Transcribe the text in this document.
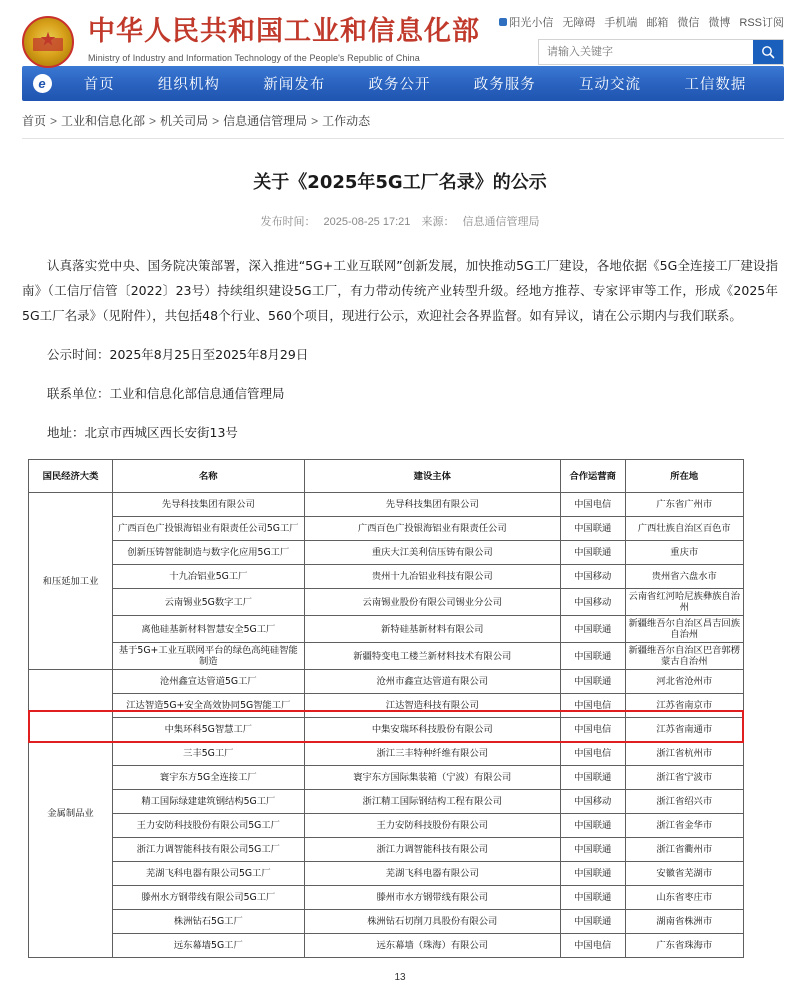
★ 中华人民共和国工业和信息化部
Ministry of Industry and Information Technology of the People's Republic of China
阳光小信 无障碍 手机端 邮箱 微信 微博 RSS订阅
请输入关键字
e	首页	组织机构	新闻发布	政务公开	政务服务	互动交流	工信数据
首页 > 工业和信息化部 > 机关司局 > 信息通信管理局 > 工作动态
关于《2025年5G工厂名录》的公示
发布时间： 2025-08-25 17:21 来源： 信息通信管理局

认真落实党中央、国务院决策部署，深入推进“5G+工业互联网”创新发展，加快推动5G工厂建设，各地依据《5G全连接工厂建设指南》（工信厅信管〔2022〕23号）持续组织建设5G工厂，有力带动传统产业转型升级。经地方推荐、专家评审等工作，形成《2025年5G工厂名录》（见附件），共包括48个行业、560个项目，现进行公示，欢迎社会各界监督。如有异议，请在公示期内与我们联系。

公示时间：2025年8月25日至2025年8月29日

联系单位：工业和信息化部信息通信管理局

地址：北京市西城区西长安街13号

国民经济大类	名称	建设主体	合作运营商	所在地
和压延加工业	先导科技集团有限公司	先导科技集团有限公司	中国电信	广东省广州市
	广西百色广投银海铝业有限责任公司5G工厂	广西百色广投银海铝业有限责任公司	中国联通	广西壮族自治区百色市
	创新压铸智能制造与数字化应用5G工厂	重庆大江美利信压铸有限公司	中国联通	重庆市
	十九冶铝业5G工厂	贵州十九冶铝业科技有限公司	中国移动	贵州省六盘水市
	云南锡业5G数字工厂	云南锡业股份有限公司锡业分公司	中国移动	云南省红河哈尼族彝族自治州
	离他硅基新材料智慧安全5G工厂	新特硅基新材料有限公司	中国联通	新疆维吾尔自治区昌吉回族自治州
	基于5G+工业互联网平台的绿色高纯硅智能制造	新疆特变电工楼兰新材料技术有限公司	中国联通	新疆维吾尔自治区巴音郭楞蒙古自治州
金属制品业	沧州鑫宣达管道5G工厂	沧州市鑫宣达管道有限公司	中国联通	河北省沧州市
	江达智造5G+安全高效协同5G智能工厂	江达智造科技有限公司	中国电信	江苏省南京市
	中集环科5G智慧工厂	中集安瑞环科技股份有限公司	中国电信	江苏省南通市
	三丰5G工厂	浙江三丰特种纤维有限公司	中国电信	浙江省杭州市
	寰宇东方5G全连接工厂	寰宇东方国际集装箱（宁波）有限公司	中国联通	浙江省宁波市
	精工国际绿建建筑钢结构5G工厂	浙江精工国际钢结构工程有限公司	中国移动	浙江省绍兴市
	王力安防科技股份有限公司5G工厂	王力安防科技股份有限公司	中国联通	浙江省金华市
	浙江力调智能科技有限公司5G工厂	浙江力调智能科技有限公司	中国联通	浙江省衢州市
	芜湖飞科电器有限公司5G工厂	芜湖飞科电器有限公司	中国联通	安徽省芜湖市
	滕州水方钢带线有限公司5G工厂	滕州市水方钢带线有限公司	中国联通	山东省枣庄市
	株洲钻石5G工厂	株洲钻石切削刀具股份有限公司	中国联通	湖南省株洲市
	远东幕墙5G工厂	远东幕墙（珠海）有限公司	中国电信	广东省珠海市
13
